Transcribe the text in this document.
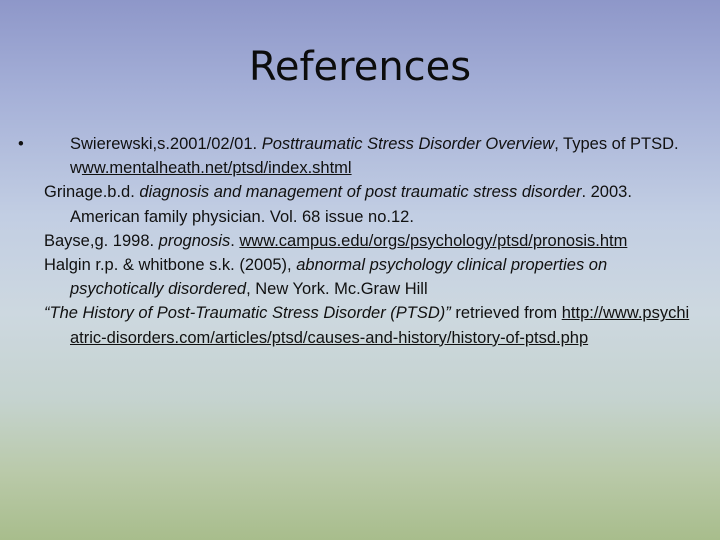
References
•	Swierewski,s.2001/02/01. Posttraumatic Stress Disorder Overview, Types of PTSD. www.mentalheath.net/ptsd/index.shtml
Grinage.b.d. diagnosis and management of post traumatic stress disorder. 2003. American family physician. Vol. 68 issue no.12.
Bayse,g. 1998. prognosis. www.campus.edu/orgs/psychology/ptsd/pronosis.htm
Halgin r.p. & whitbone s.k. (2005), abnormal psychology clinical properties on psychotically disordered, New York. Mc.Graw Hill
“The History of Post-Traumatic Stress Disorder (PTSD)” retrieved from http://www.psychiatric-disorders.com/articles/ptsd/causes-and-history/history-of-ptsd.php
